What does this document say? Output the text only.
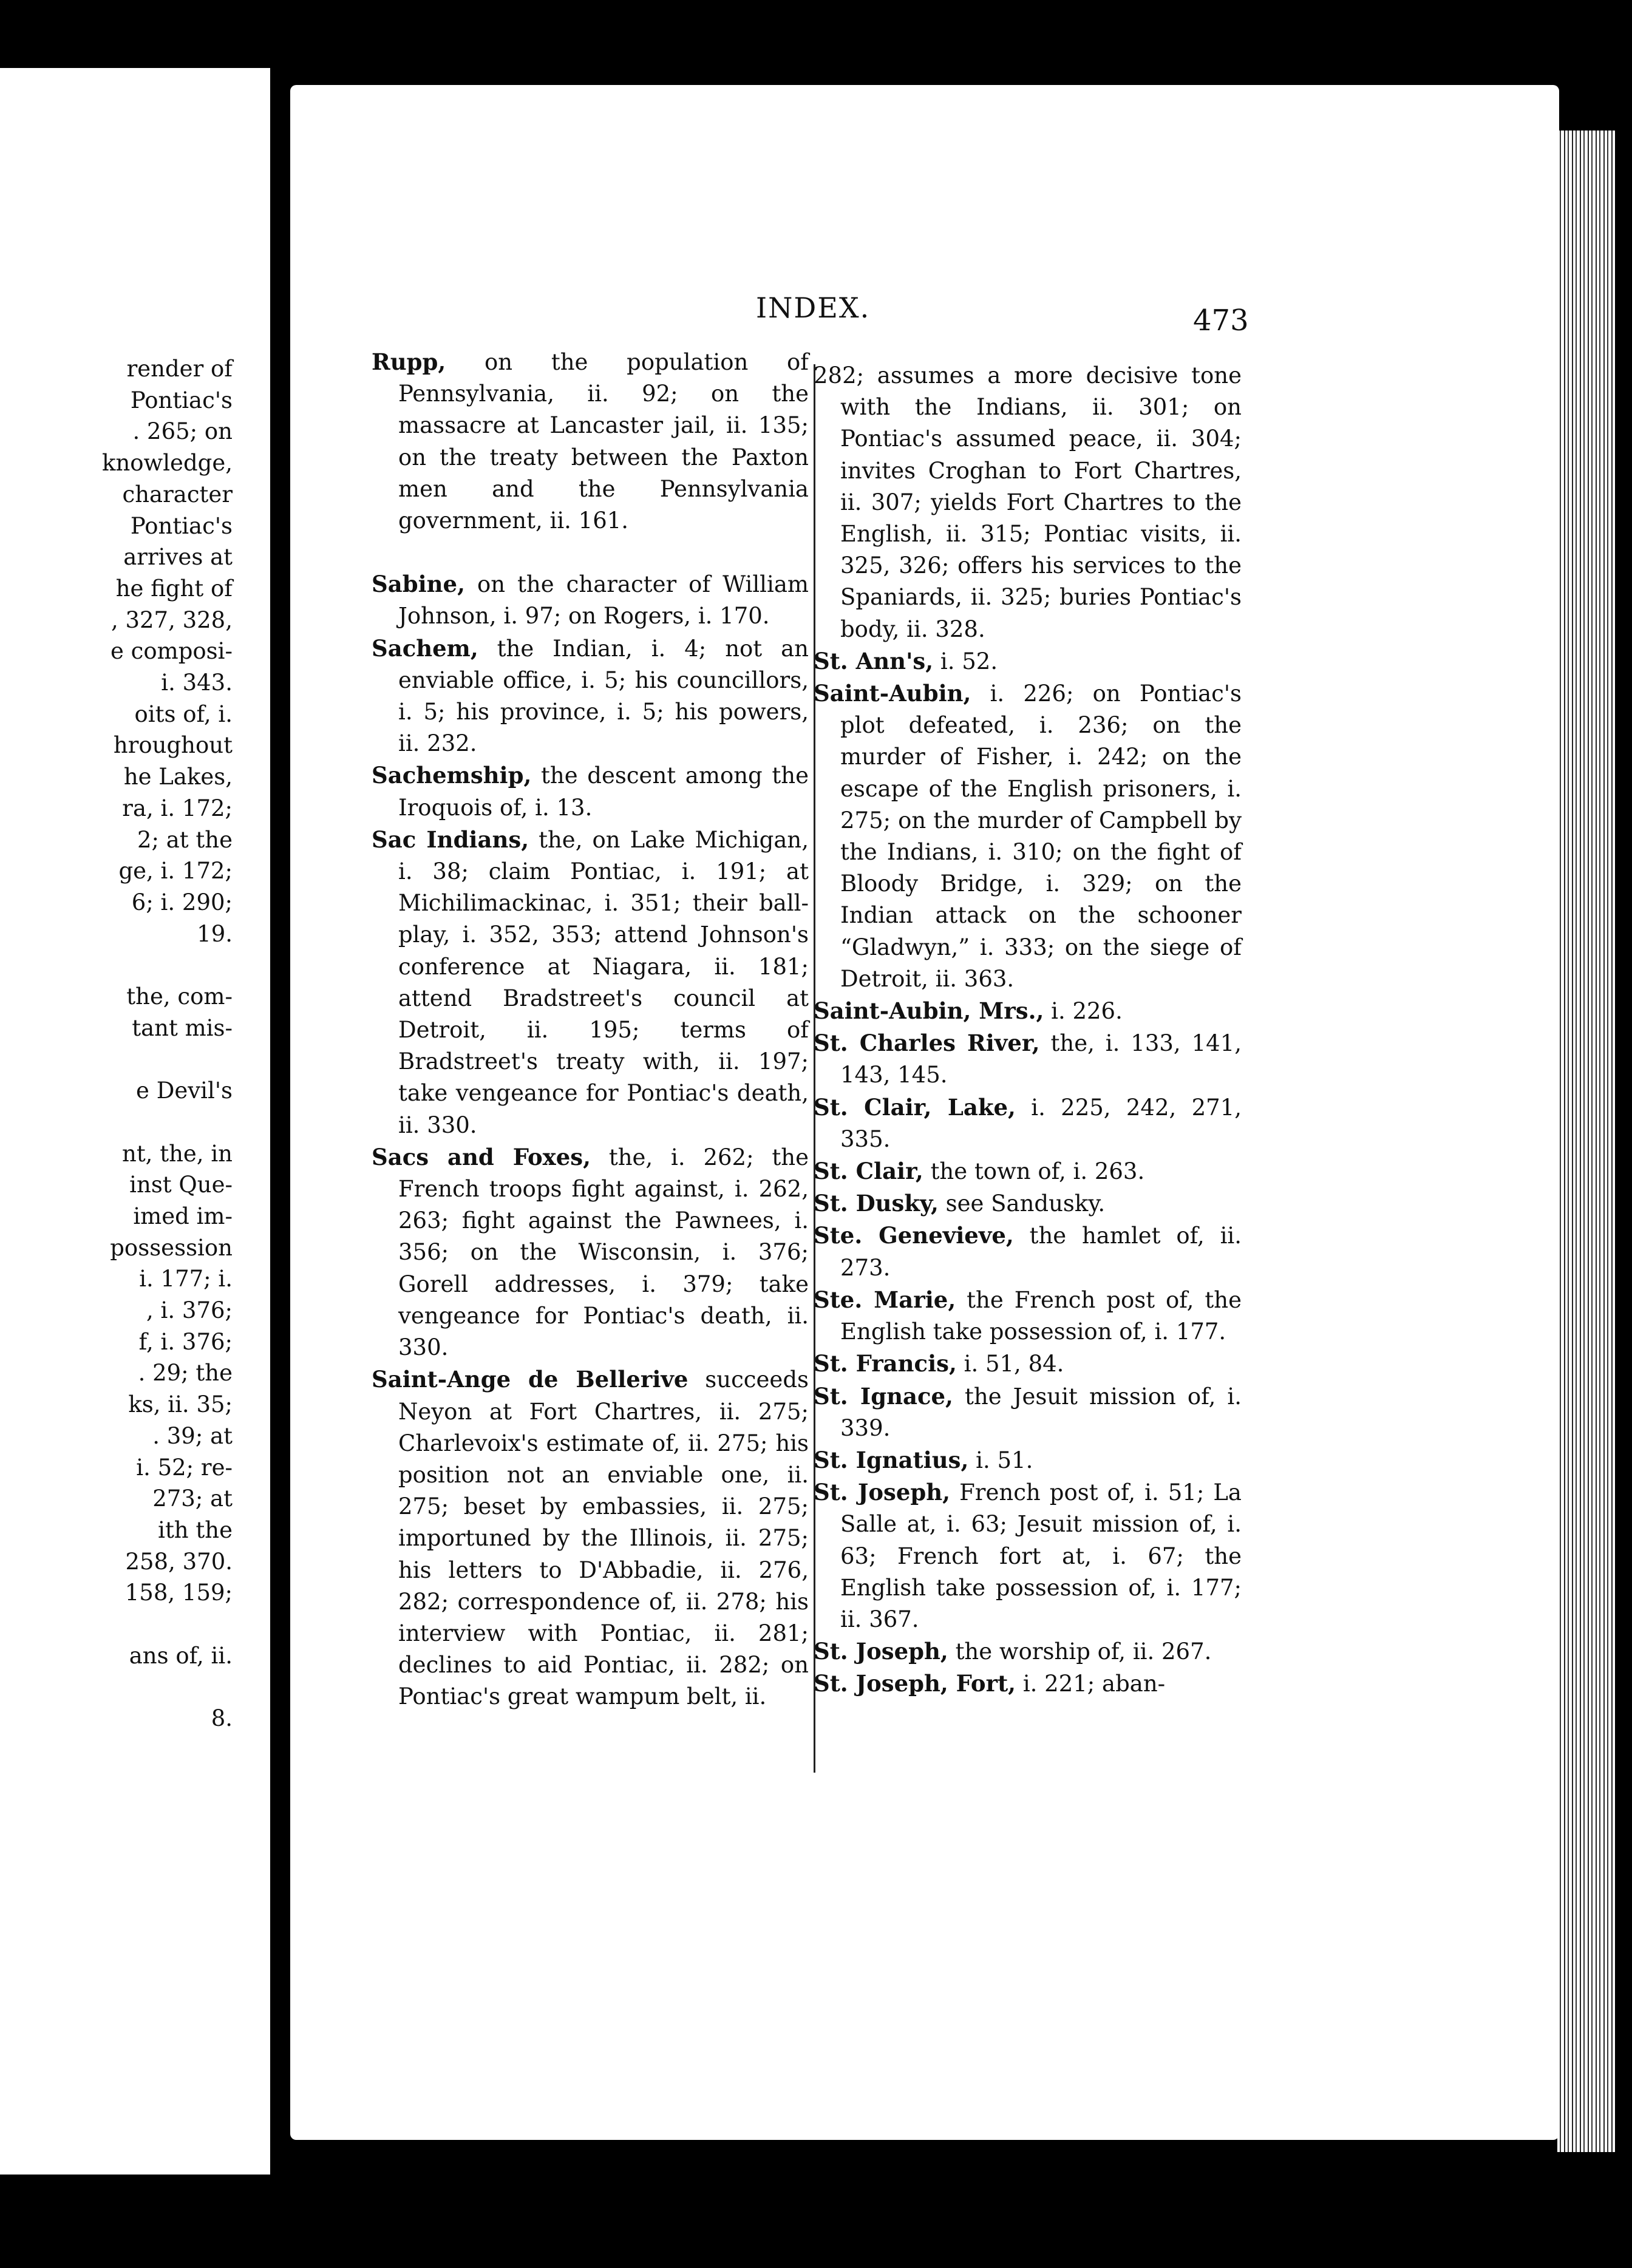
render of
Pontiac's
. 265; on
knowledge,
character
Pontiac's
arrives at
he fight of
, 327, 328,
e composi-
i. 343.
oits of, i.
hroughout
he Lakes,
ra, i. 172;
2; at the
ge, i. 172;
6; i. 290;
19.
the, com-
tant mis-
e Devil's
nt, the, in
inst Que-
imed im-
possession
i. 177; i.
, i. 376;
f, i. 376;
. 29; the
ks, ii. 35;
. 39; at
i. 52; re-
273; at
ith the
258, 370.
158, 159;
ans of, ii.
8.
INDEX.	473

Rupp, on the population of Pennsylvania, ii. 92; on the massacre at Lancaster jail, ii. 135; on the treaty between the Paxton men and the Pennsylvania government, ii. 161.

Sabine, on the character of William Johnson, i. 97; on Rogers, i. 170.

Sachem, the Indian, i. 4; not an enviable office, i. 5; his councillors, i. 5; his province, i. 5; his powers, ii. 232.

Sachemship, the descent among the Iroquois of, i. 13.

Sac Indians, the, on Lake Michigan, i. 38; claim Pontiac, i. 191; at Michilimackinac, i. 351; their ball-play, i. 352, 353; attend Johnson's conference at Niagara, ii. 181; attend Bradstreet's council at Detroit, ii. 195; terms of Bradstreet's treaty with, ii. 197; take vengeance for Pontiac's death, ii. 330.

Sacs and Foxes, the, i. 262; the French troops fight against, i. 262, 263; fight against the Pawnees, i. 356; on the Wisconsin, i. 376; Gorell addresses, i. 379; take vengeance for Pontiac's death, ii. 330.

Saint-Ange de Bellerive succeeds Neyon at Fort Chartres, ii. 275; Charlevoix's estimate of, ii. 275; his position not an enviable one, ii. 275; beset by embassies, ii. 275; importuned by the Illinois, ii. 275; his letters to D'Abbadie, ii. 276, 282; correspondence of, ii. 278; his interview with Pontiac, ii. 281; declines to aid Pontiac, ii. 282; on Pontiac's great wampum belt, ii.

282; assumes a more decisive tone with the Indians, ii. 301; on Pontiac's assumed peace, ii. 304; invites Croghan to Fort Chartres, ii. 307; yields Fort Chartres to the English, ii. 315; Pontiac visits, ii. 325, 326; offers his services to the Spaniards, ii. 325; buries Pontiac's body, ii. 328.

St. Ann's, i. 52.

Saint-Aubin, i. 226; on Pontiac's plot defeated, i. 236; on the murder of Fisher, i. 242; on the escape of the English prisoners, i. 275; on the murder of Campbell by the Indians, i. 310; on the fight of Bloody Bridge, i. 329; on the Indian attack on the schooner “Gladwyn,” i. 333; on the siege of Detroit, ii. 363.

Saint-Aubin, Mrs., i. 226.

St. Charles River, the, i. 133, 141, 143, 145.

St. Clair, Lake, i. 225, 242, 271, 335.

St. Clair, the town of, i. 263.

St. Dusky, see Sandusky.

Ste. Genevieve, the hamlet of, ii. 273.

Ste. Marie, the French post of, the English take possession of, i. 177.

St. Francis, i. 51, 84.

St. Ignace, the Jesuit mission of, i. 339.

St. Ignatius, i. 51.

St. Joseph, French post of, i. 51; La Salle at, i. 63; Jesuit mission of, i. 63; French fort at, i. 67; the English take possession of, i. 177; ii. 367.

St. Joseph, the worship of, ii. 267.

St. Joseph, Fort, i. 221; aban-
